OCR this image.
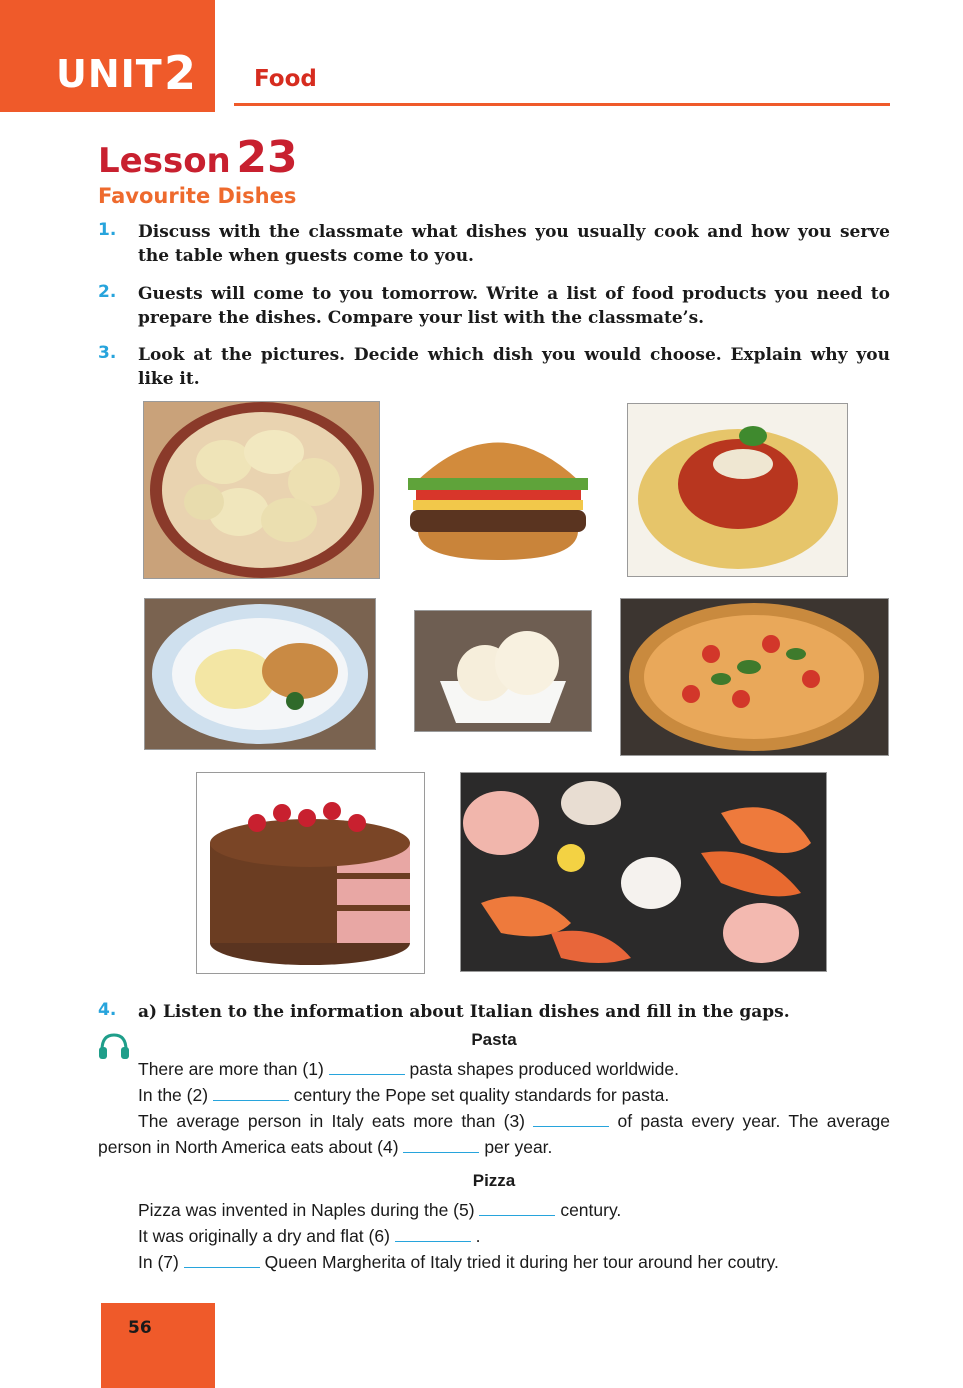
UNIT 2	Food
Lesson 23
Favourite Dishes
1. Discuss with the classmate what dishes you usually cook and how you serve the table when guests come to you.
2. Guests will come to you tomorrow. Write a list of food products you need to prepare the dishes. Compare your list with the classmate’s.
3. Look at the pictures. Decide which dish you would choose. Explain why you like it.
4. a) Listen to the information about Italian dishes and fill in the gaps.
Pasta
There are more than (1)	pasta shapes produced worldwide.
In the (2)	century the Pope set quality standards for pasta.
The average person in Italy eats more than (3)	of pasta every year. The average person in North America eats about (4)	per year.
Pizza
Pizza was invented in Naples during the (5)	century.
It was originally a dry and flat (6)	.
In (7)	Queen Margherita of Italy tried it during her tour around her coutry.
56
